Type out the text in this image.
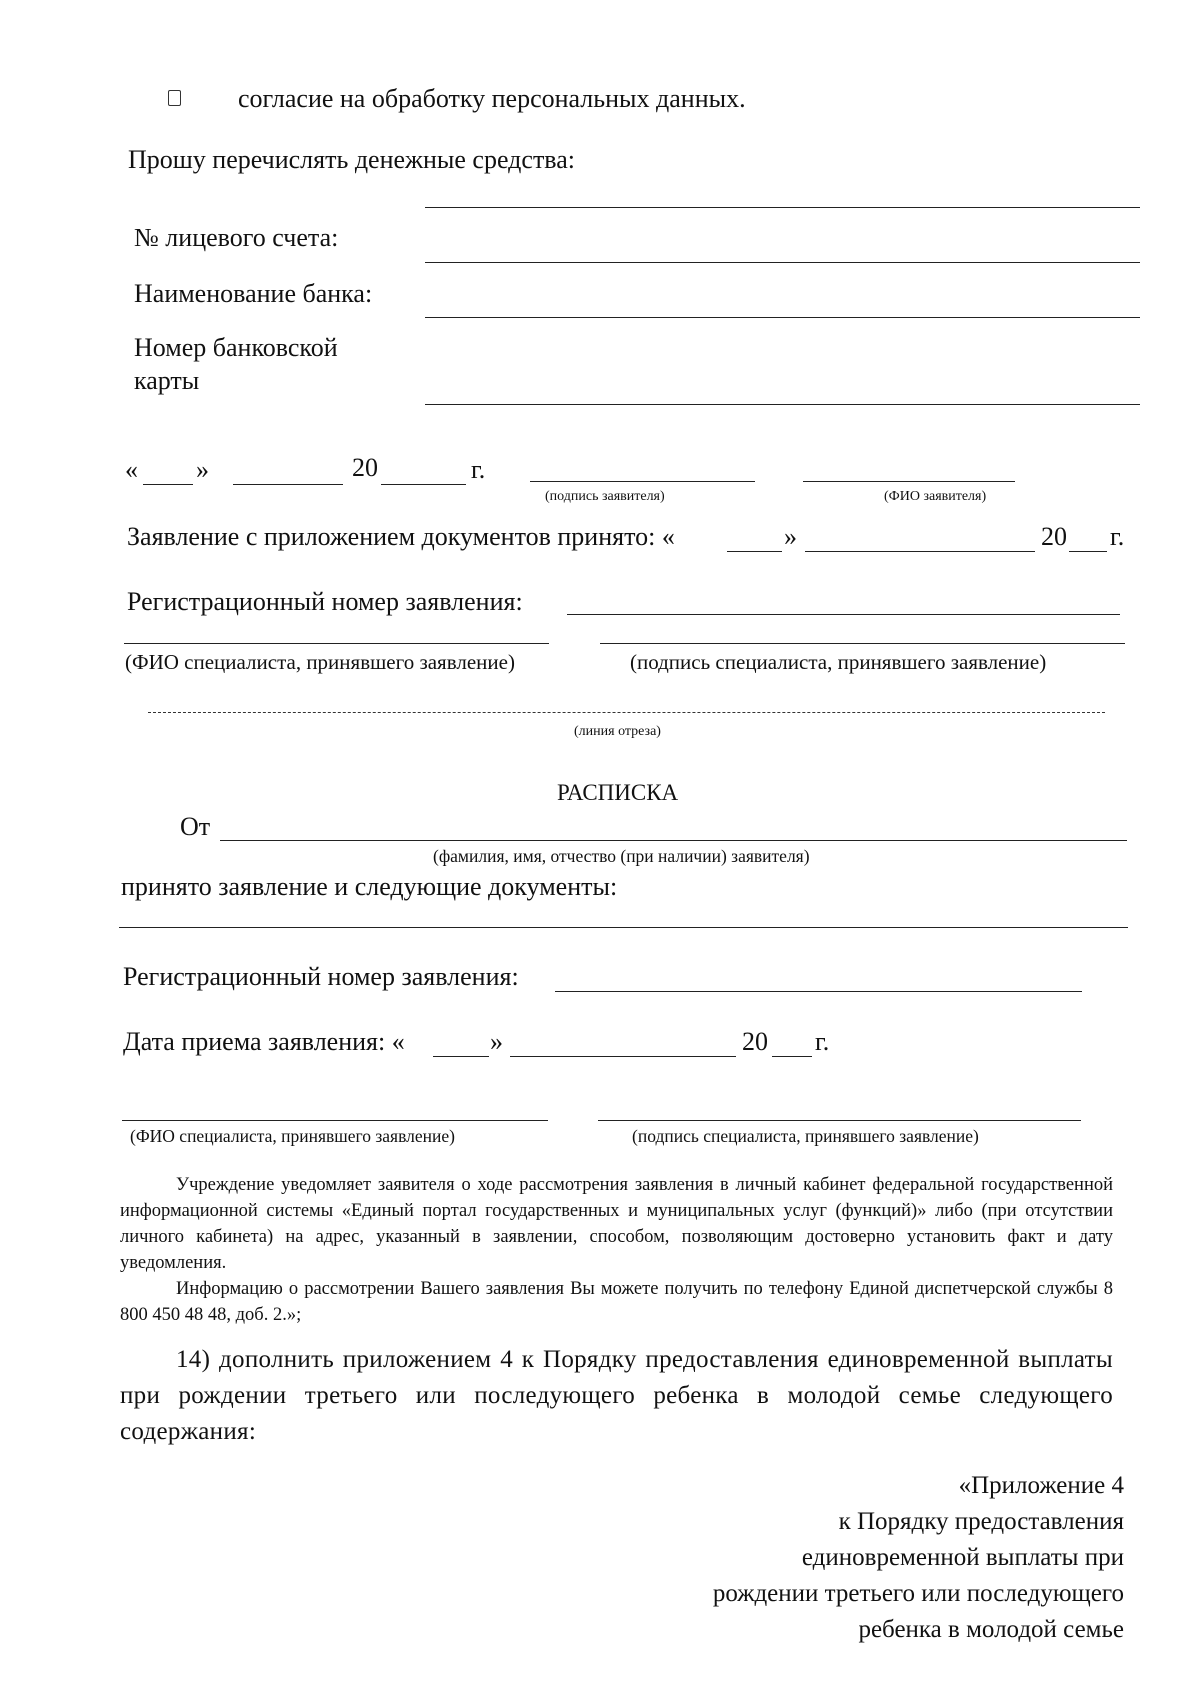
согласие на обработку персональных данных.
Прошу перечислять денежные средства:
№ лицевого счета:
Наименование банка:
Номер банковской
карты
« »	20	г.
(подпись заявителя)	(ФИО заявителя)
Заявление с приложением документов принято: «	»	20 г.
Регистрационный номер заявления:
(ФИО специалиста, принявшего заявление)	(подпись специалиста, принявшего заявление)
(линия отреза)
РАСПИСКА
От
(фамилия, имя, отчество (при наличии) заявителя)
принято заявление и следующие документы:
Регистрационный номер заявления:
Дата приема заявления: «	»	20 г.
(ФИО специалиста, принявшего заявление)	(подпись специалиста, принявшего заявление)

Учреждение уведомляет заявителя о ходе рассмотрения заявления в личный кабинет федеральной государственной информационной системы «Единый портал государственных и муниципальных услуг (функций)» либо (при отсутствии личного кабинета) на адрес, указанный в заявлении, способом, позволяющим достоверно установить факт и дату уведомления.

Информацию о рассмотрении Вашего заявления Вы можете получить по телефону Единой диспетчерской службы 8 800 450 48 48, доб. 2.»;

14) дополнить приложением 4 к Порядку предоставления единовременной выплаты при рождении третьего или последующего ребенка в молодой семье следующего содержания:

«Приложение 4
к Порядку предоставления
единовременной выплаты при
рождении третьего или последующего
ребенка в молодой семье
